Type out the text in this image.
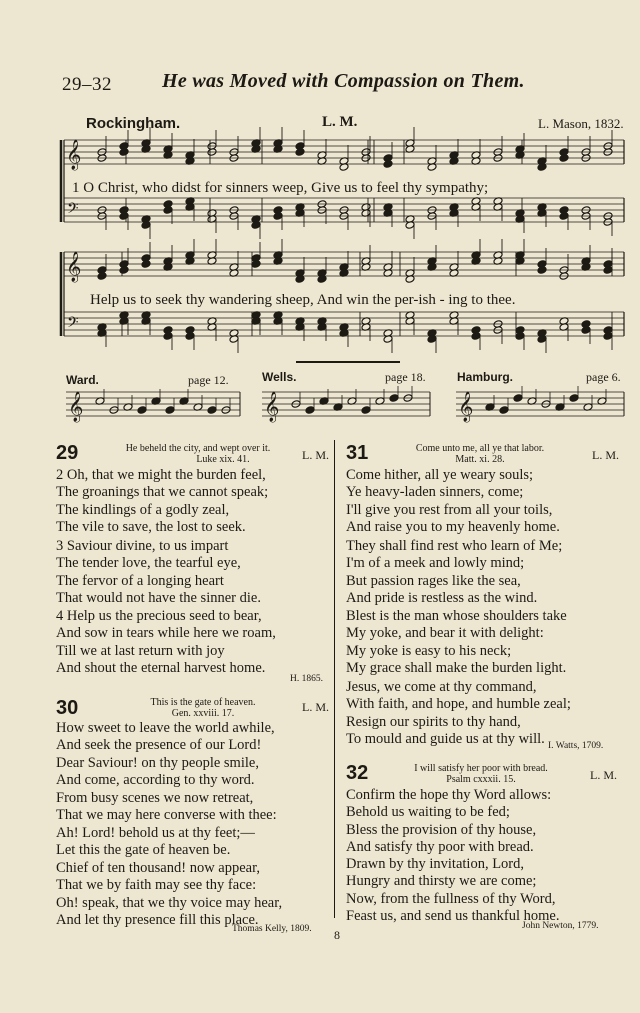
29–32	He was Moved with Compassion on Them.
Rockingham.	L. M.	L. Mason, 1832.
𝄞
𝄢
𝄞
𝄢
𝄞	𝄞	𝄞
1 O Christ, who didst for sinners weep, Give us to feel thy sympathy;
Help us to seek thy wandering sheep, And win the per-ish - ing to thee.
Ward.	page 12.	Wells.	page 18.	Hamburg.	page 6.
29	He beheld the city, and wept over it.
Luke xix. 41.	L. M.
2 Oh, that we might the burden feel,
The groanings that we cannot speak;
The kindlings of a godly zeal,
The vile to save, the lost to seek.
3 Saviour divine, to us impart
The tender love, the tearful eye,
The fervor of a longing heart
That would not have the sinner die.
4 Help us the precious seed to bear,
And sow in tears while here we roam,
Till we at last return with joy
And shout the eternal harvest home.
H. 1865.
30	This is the gate of heaven.
Gen. xxviii. 17.	L. M.
How sweet to leave the world awhile,
And seek the presence of our Lord!
Dear Saviour! on thy people smile,
And come, according to thy word.
From busy scenes we now retreat,
That we may here converse with thee:
Ah! Lord! behold us at thy feet;—
Let this the gate of heaven be.
Chief of ten thousand! now appear,
That we by faith may see thy face:
Oh! speak, that we thy voice may hear,
And let thy presence fill this place.
Thomas Kelly, 1809.
31	Come unto me, all ye that labor.
Matt. xi. 28.	L. M.
Come hither, all ye weary souls;
Ye heavy-laden sinners, come;
I'll give you rest from all your toils,
And raise you to my heavenly home.
They shall find rest who learn of Me;
I'm of a meek and lowly mind;
But passion rages like the sea,
And pride is restless as the wind.
Blest is the man whose shoulders take
My yoke, and bear it with delight:
My yoke is easy to his neck;
My grace shall make the burden light.
Jesus, we come at thy command,
With faith, and hope, and humble zeal;
Resign our spirits to thy hand,
To mould and guide us at thy will. I. Watts, 1709.
32	I will satisfy her poor with bread.
Psalm cxxxii. 15.	L. M.
Confirm the hope thy Word allows:
Behold us waiting to be fed;
Bless the provision of thy house,
And satisfy thy poor with bread.
Drawn by thy invitation, Lord,
Hungry and thirsty we are come;
Now, from the fullness of thy Word,
Feast us, and send us thankful home.
John Newton, 1779.
8
